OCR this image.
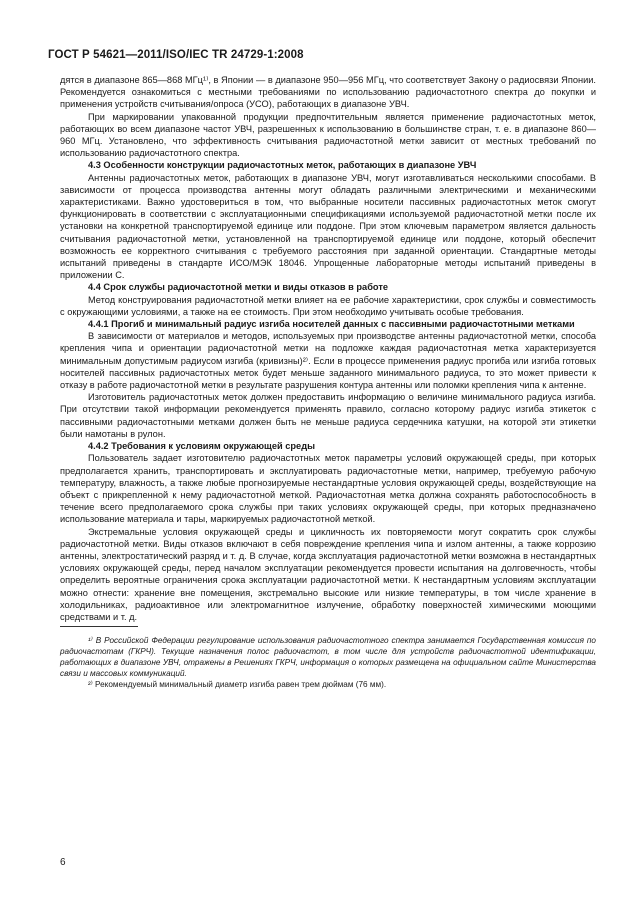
ГОСТ Р 54621—2011/ISO/IEC TR 24729-1:2008

дятся в диапазоне 865—868 МГц¹⁾, в Японии — в диапазоне 950—956 МГц, что соответствует Закону о радиосвязи Японии. Рекомендуется ознакомиться с местными требованиями по использованию радиочастотного спектра до покупки и применения устройств считывания/опроса (УСО), работающих в диапазоне УВЧ.

При маркировании упакованной продукции предпочтительным является применение радиочастотных меток, работающих во всем диапазоне частот УВЧ, разрешенных к использованию в большинстве стран, т. е. в диапазоне 860—960 МГц. Установлено, что эффективность считывания радиочастотной метки зависит от местных требований по использованию радиочастотного спектра.

4.3 Особенности конструкции радиочастотных меток, работающих в диапазоне УВЧ

Антенны радиочастотных меток, работающих в диапазоне УВЧ, могут изготавливаться несколькими способами. В зависимости от процесса производства антенны могут обладать различными электрическими и механическими характеристиками. Важно удостовериться в том, что выбранные носители пассивных радиочастотных меток смогут функционировать в соответствии с эксплуатационными спецификациями используемой радиочастотной метки после их установки на конкретной транспортируемой единице или поддоне. При этом ключевым параметром является дальность считывания радиочастотной метки, установленной на транспортируемой единице или поддоне, который обеспечит возможность ее корректного считывания с требуемого расстояния при заданной ориентации. Стандартные методы испытаний приведены в стандарте ИСО/МЭК 18046. Упрощенные лабораторные методы испытаний приведены в приложении С.

4.4 Срок службы радиочастотной метки и виды отказов в работе

Метод конструирования радиочастотной метки влияет на ее рабочие характеристики, срок службы и совместимость с окружающими условиями, а также на ее стоимость. При этом необходимо учитывать особые требования.

4.4.1 Прогиб и минимальный радиус изгиба носителей данных с пассивными радиочастотными метками

В зависимости от материалов и методов, используемых при производстве антенны радиочастотной метки, способа крепления чипа и ориентации радиочастотной метки на подложке каждая радиочастотная метка характеризуется минимальным допустимым радиусом изгиба (кривизны)²⁾. Если в процессе применения радиус прогиба или изгиба готовых носителей пассивных радиочастотных меток будет меньше заданного минимального радиуса, то это может привести к отказу в работе радиочастотной метки в результате разрушения контура антенны или поломки крепления чипа к антенне.

Изготовитель радиочастотных меток должен предоставить информацию о величине минимального радиуса изгиба. При отсутствии такой информации рекомендуется применять правило, согласно которому радиус изгиба этикеток с пассивными радиочастотными метками должен быть не меньше радиуса сердечника катушки, на которой эти этикетки были намотаны в рулон.

4.4.2 Требования к условиям окружающей среды

Пользователь задает изготовителю радиочастотных меток параметры условий окружающей среды, при которых предполагается хранить, транспортировать и эксплуатировать радиочастотные метки, например, требуемую рабочую температуру, влажность, а также любые прогнозируемые нестандартные условия окружающей среды, воздействующие на объект с прикрепленной к нему радиочастотной меткой. Радиочастотная метка должна сохранять работоспособность в течение всего предполагаемого срока службы при таких условиях окружающей среды, при которых предназначено использование материала и тары, маркируемых радиочастотной меткой.

Экстремальные условия окружающей среды и цикличность их повторяемости могут сократить срок службы радиочастотной метки. Виды отказов включают в себя повреждение крепления чипа и излом антенны, а также коррозию антенны, электростатический разряд и т. д. В случае, когда эксплуатация радиочастотной метки возможна в нестандартных условиях окружающей среды, перед началом эксплуатации рекомендуется провести испытания на долговечность, чтобы определить вероятные ограничения срока эксплуатации радиочастотной метки. К нестандартным условиям эксплуатации можно отнести: хранение вне помещения, экстремально высокие или низкие температуры, в том числе хранение в холодильниках, радиоактивное или электромагнитное излучение, обработку поверхностей химическими моющими средствами и т. д.

¹⁾ В Российской Федерации регулирование использования радиочастотного спектра занимается Государственная комиссия по радиочастотам (ГКРЧ). Текущие назначения полос радиочастот, в том числе для устройств радиочастотной идентификации, работающих в диапазоне УВЧ, отражены в Решениях ГКРЧ, информация о которых размещена на официальном сайте Министерства связи и массовых коммуникаций.

²⁾ Рекомендуемый минимальный диаметр изгиба равен трем дюймам (76 мм).

6
